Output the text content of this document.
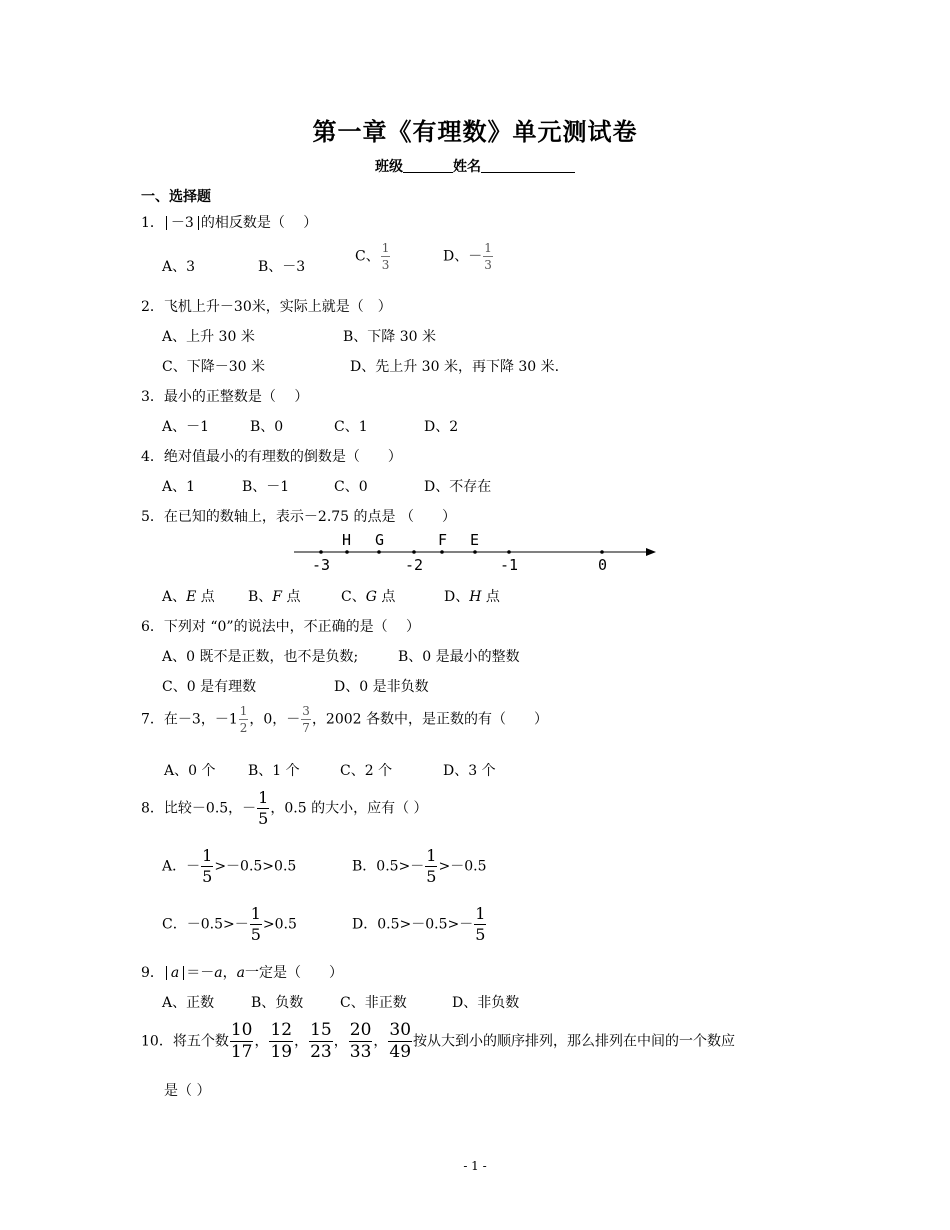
第一章《有理数》单元测试卷
班级	姓名
一、选择题
1． －3 的相反数是（　 ）
A、3	B、－3
C、 $\frac{1}{3}$	D、－ $\frac{1}{3}$
2．飞机上升－30米，实际上就是（　）
A、上升 30 米	B、下降 30 米
C、下降－30 米	D、先上升 30 米，再下降 30 米.
3．最小的正整数是（　 ）
A、－1	B、0	C、1	D、2
4．绝对值最小的有理数的倒数是（　　）
A、1	B、－1	C、0	D、不存在
5．在已知的数轴上，表示－2.75 的点是 （　　）
H G	F E
-3	-2	-1	0
A、E 点 B、F 点	C、G 点	D、H 点
6．下列对 “0”的说法中，不正确的是（　 ）
A、0 既不是正数，也不是负数;	B、0 是最小的整数
C、0 是有理数	D、0 是非负数
7．在－3，$-1 \frac{1}{2}$ ，0，－ $\frac{3}{7}$ ，2002 各数中，是正数的有（　　）
A、0 个 B、1 个	C、2 个	D、3 个
8．比较－0.5，－ $\frac{1}{5}$ ，0.5 的大小，应有（ ）
A．－ $\frac{1}{5} >-0.5>0.5$	B．$0.5>- \frac{1}{5} >-0.5$
C．$-0.5>- \frac{1}{5} >0.5$	D．$0.5>-0.5>- \frac{1}{5}$
9． a ＝－a，a一定是（　　）
A、正数	B、负数	C、非正数	D、非负数
10．将五个数 $\frac{10}{17}$ ， $\frac{12}{19}$ ， $\frac{15}{23}$ ， $\frac{20}{33}$ ， $\frac{30}{49}$ 按从大到小的顺序排列，那么排列在中间的一个数应
是（ ）
- 1 -
